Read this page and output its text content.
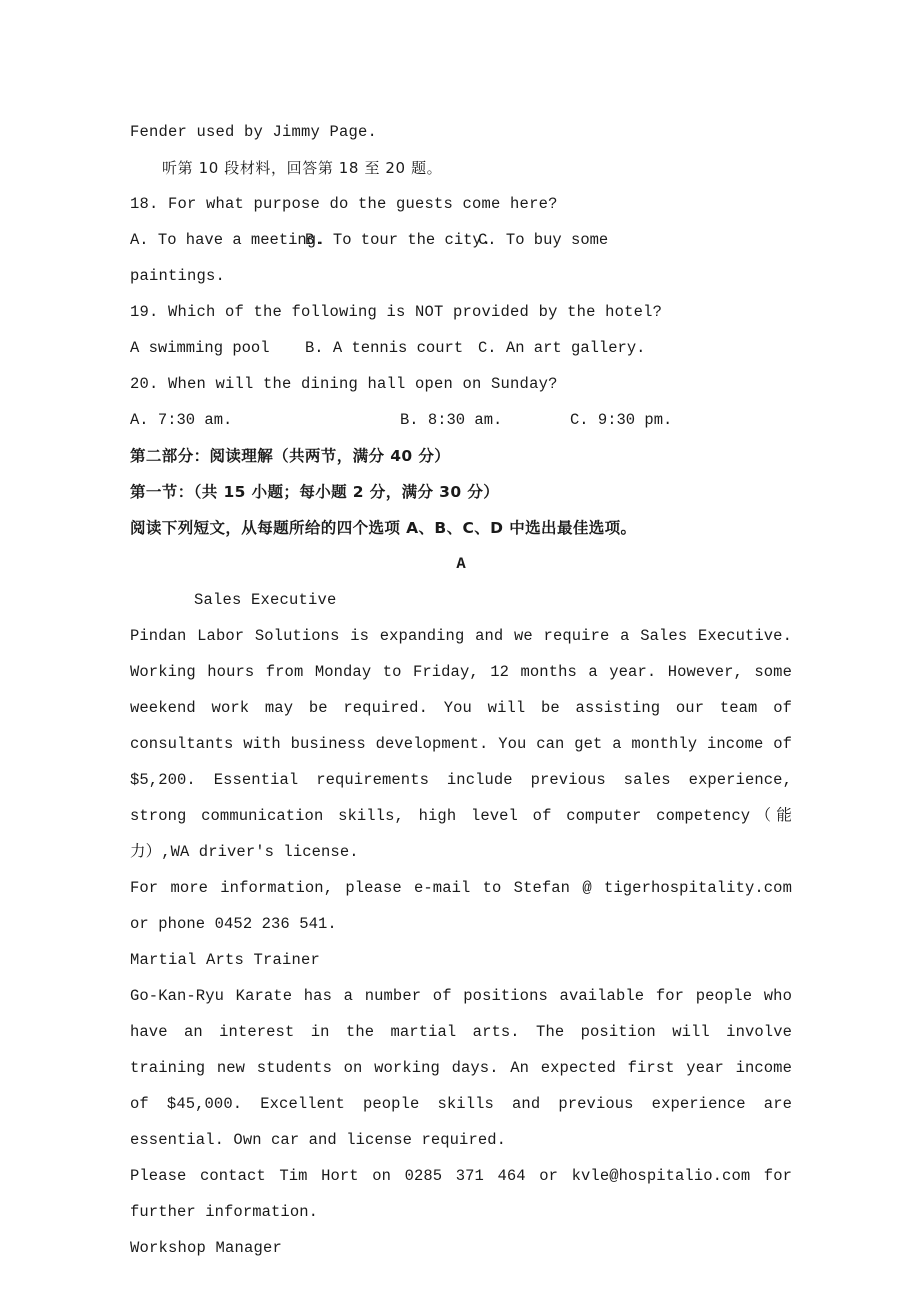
Fender used by Jimmy Page.
听第 10 段材料，回答第 18 至 20 题。
18. For what purpose do the guests come here?
A. To have a meeting.
B. To tour the city.
C. To buy some
paintings.
19. Which of the following is NOT provided by the hotel?
A swimming pool B. A tennis court C. An art gallery.
20. When will the dining hall open on Sunday?
A. 7:30 am.	B. 8:30 am.	C. 9:30 pm.
第二部分：阅读理解（共两节，满分 40 分）
第一节：（共 15 小题；每小题 2 分，满分 30 分）
阅读下列短文，从每题所给的四个选项 A、B、C、D 中选出最佳选项。
A
Sales Executive
Pindan Labor Solutions is expanding and we require a Sales Executive. Working hours from Monday to Friday, 12 months a year. However, some weekend work may be required. You will be assisting our team of consultants with business development. You can get a monthly income of $5,200. Essential requirements include previous sales experience, strong communication skills, high level of computer competency（能力）,WA driver's license.
For more information, please e-mail to Stefan @ tigerhospitality.com or phone 0452 236 541.
Martial Arts Trainer
Go-Kan-Ryu Karate has a number of positions available for people who have an interest in the martial arts. The position will involve training new students on working days. An expected first year income of $45,000. Excellent people skills and previous experience are essential. Own car and license required.
Please contact Tim Hort on 0285 371 464 or kvle@hospitalio.com for further information.
Workshop Manager
